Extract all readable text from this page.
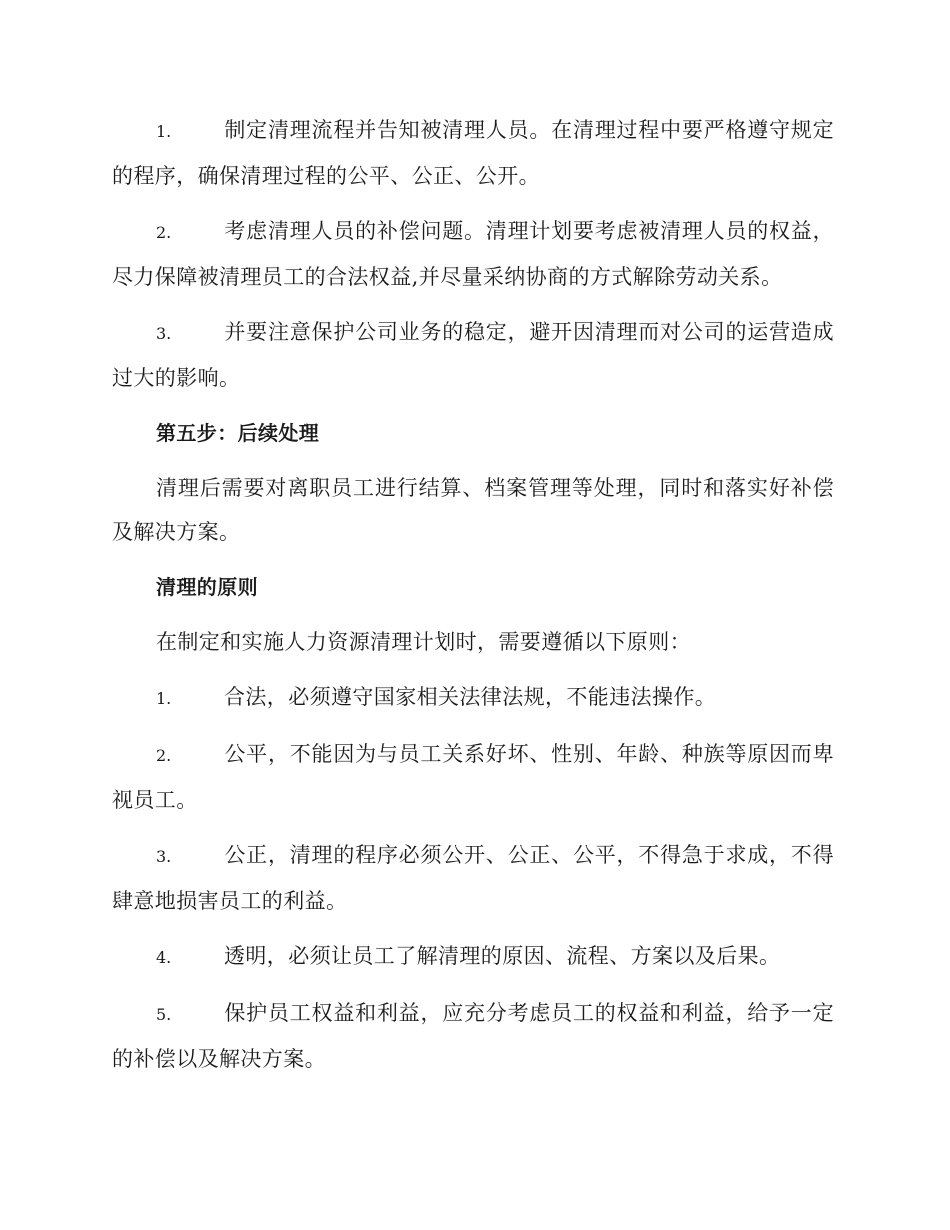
1.	制定清理流程并告知被清理人员。在清理过程中要严格遵守规定的程序，确保清理过程的公平、公正、公开。

2.	考虑清理人员的补偿问题。清理计划要考虑被清理人员的权益，尽力保障被清理员工的合法权益,并尽量采纳协商的方式解除劳动关系。

3.	并要注意保护公司业务的稳定，避开因清理而对公司的运营造成过大的影响。

第五步：后续处理

清理后需要对离职员工进行结算、档案管理等处理，同时和落实好补偿及解决方案。

清理的原则

在制定和实施人力资源清理计划时，需要遵循以下原则：

1.	合法，必须遵守国家相关法律法规，不能违法操作。

2.	公平，不能因为与员工关系好坏、性别、年龄、种族等原因而卑视员工。

3.	公正，清理的程序必须公开、公正、公平，不得急于求成，不得肆意地损害员工的利益。

4.	透明，必须让员工了解清理的原因、流程、方案以及后果。

5.	保护员工权益和利益，应充分考虑员工的权益和利益，给予一定的补偿以及解决方案。
